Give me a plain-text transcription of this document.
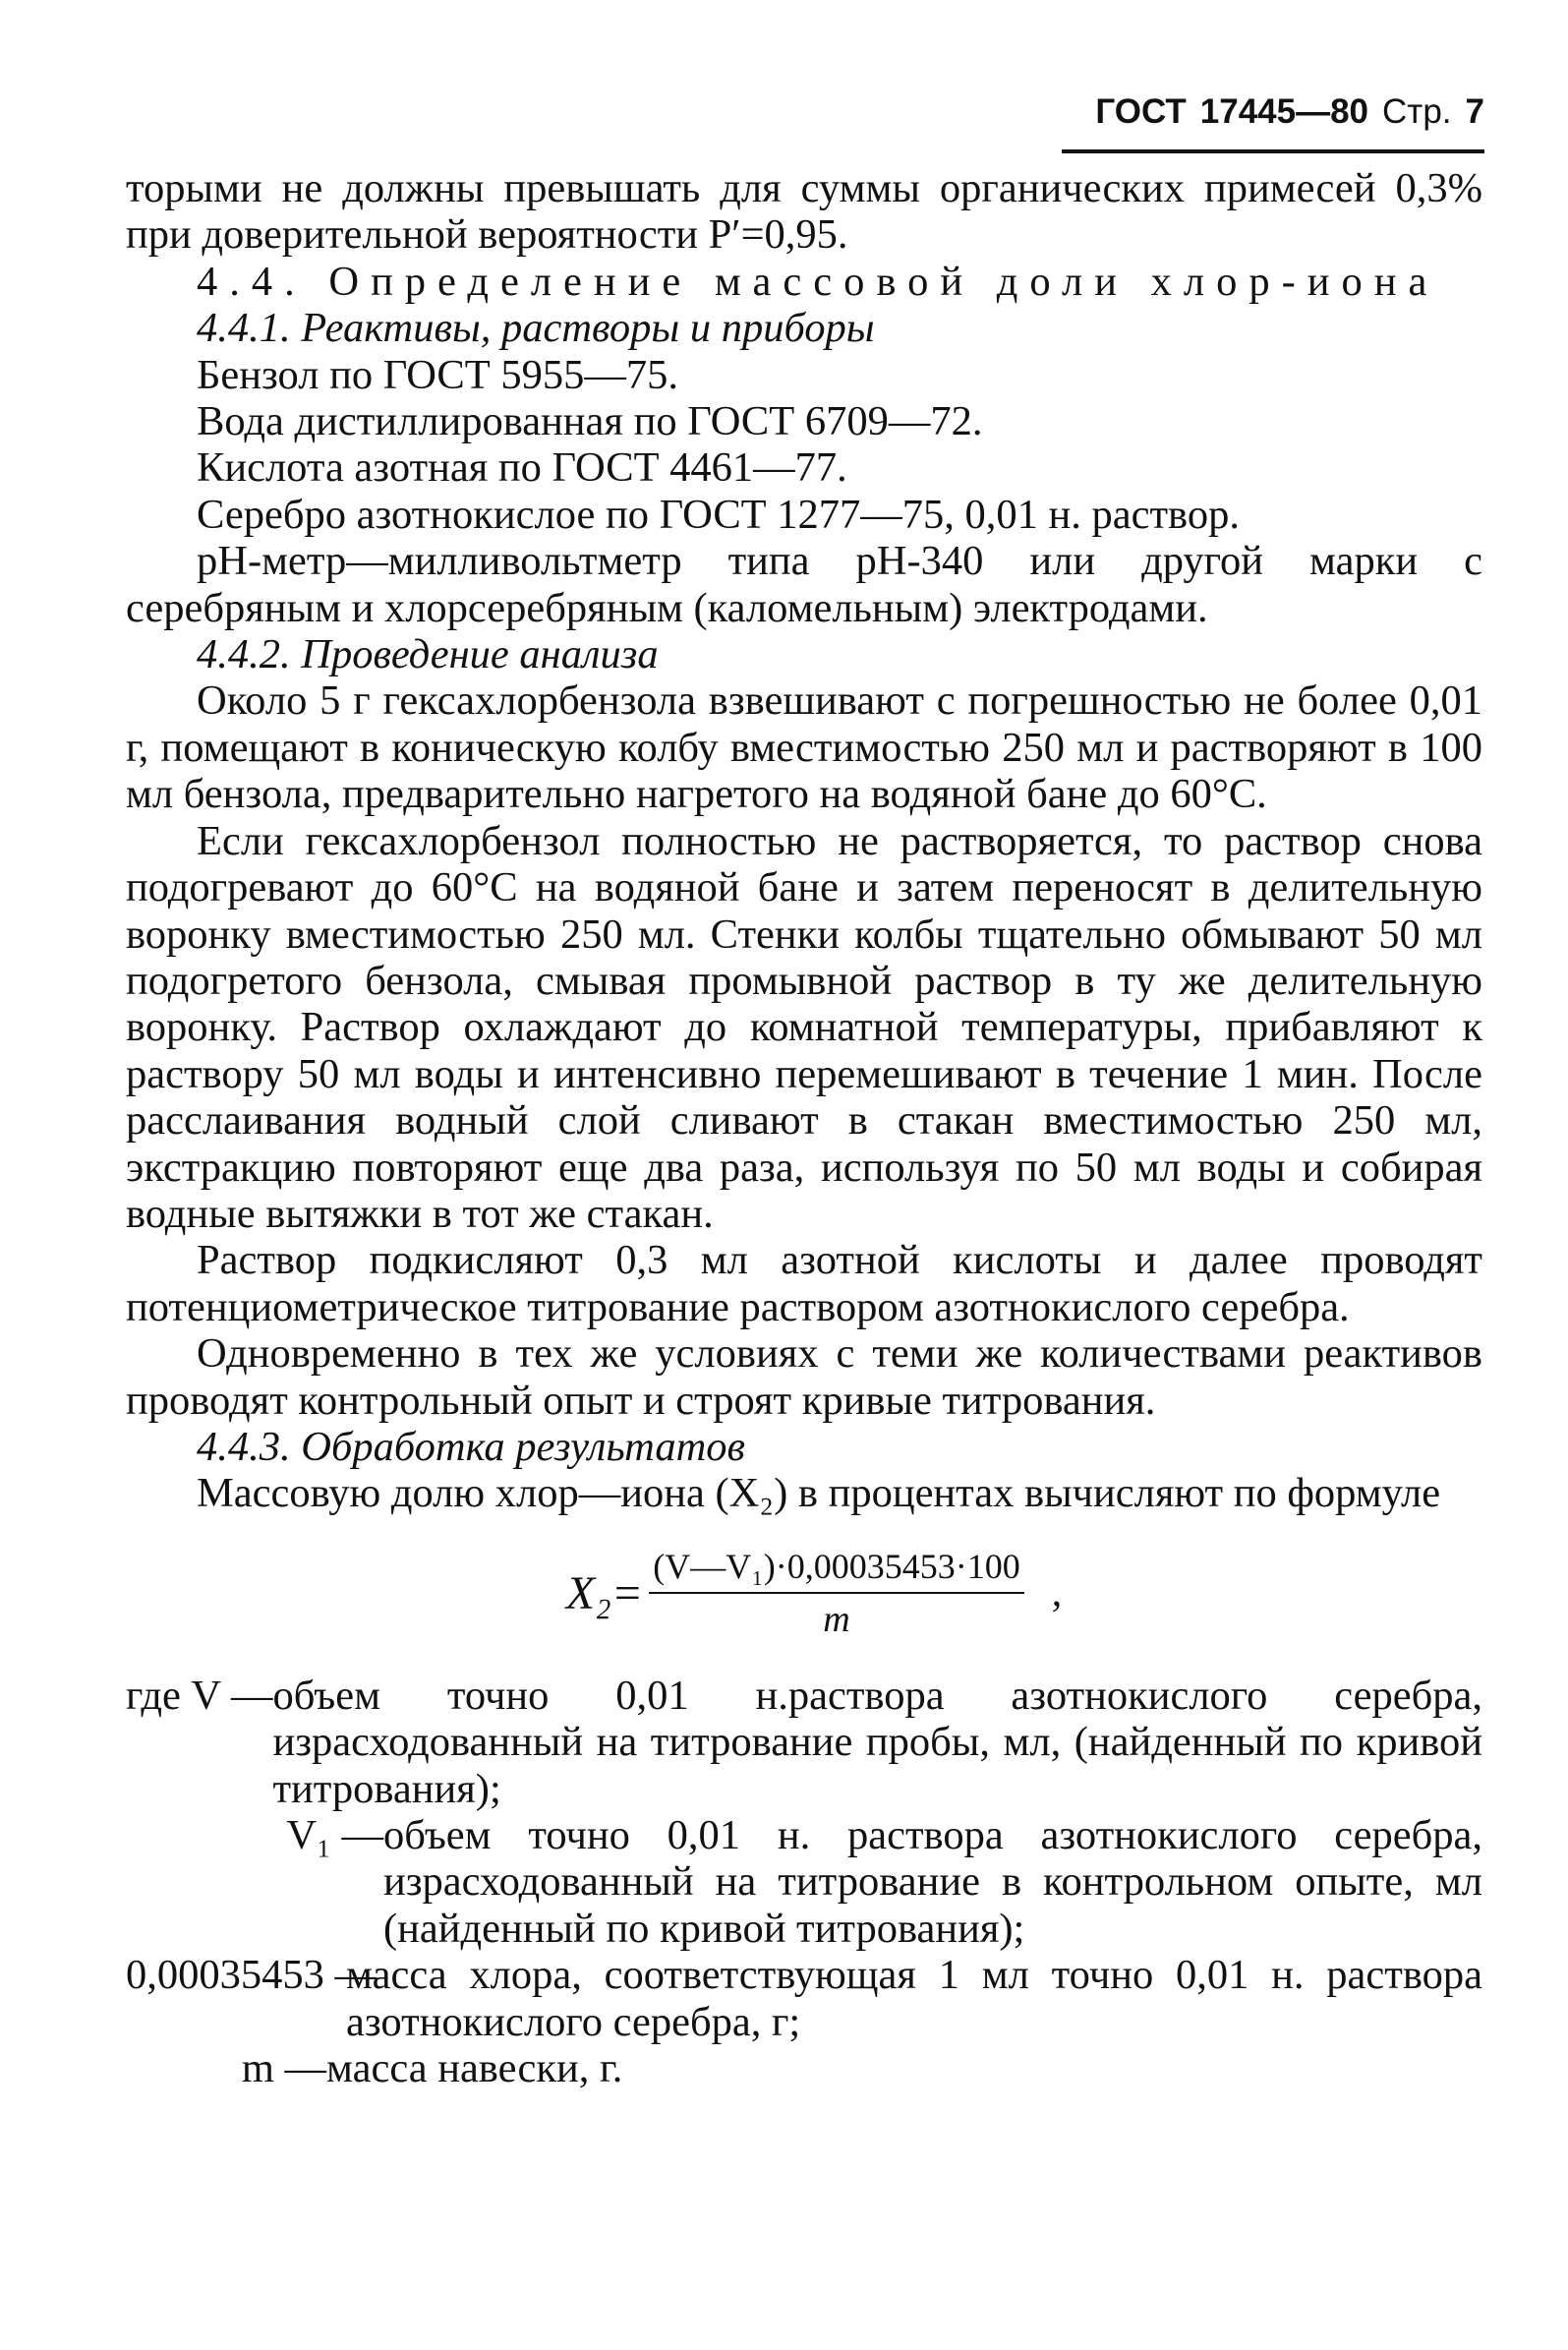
ГОСТ 17445—80 Стр. 7

торыми не должны превышать для суммы органических примесей 0,3% при доверительной вероятности P′=0,95.

4.4. Определение массовой доли хлор-иона

4.4.1. Реактивы, растворы и приборы

Бензол по ГОСТ 5955—75.

Вода дистиллированная по ГОСТ 6709—72.

Кислота азотная по ГОСТ 4461—77.

Серебро азотнокислое по ГОСТ 1277—75, 0,01 н. раствор.

pH-метр—милливольтметр типа pH-340 или другой марки с серебряным и хлорсеребряным (каломельным) электродами.

4.4.2. Проведение анализа

Около 5 г гексахлорбензола взвешивают с погрешностью не более 0,01 г, помещают в коническую колбу вместимостью 250 мл и растворяют в 100 мл бензола, предварительно нагретого на водяной бане до 60°С.

Если гексахлорбензол полностью не растворяется, то раствор снова подогревают до 60°С на водяной бане и затем переносят в делительную воронку вместимостью 250 мл. Стенки колбы тщательно обмывают 50 мл подогретого бензола, смывая промывной раствор в ту же делительную воронку. Раствор охлаждают до комнатной температуры, прибавляют к раствору 50 мл воды и интенсивно перемешивают в течение 1 мин. После расслаивания водный слой сливают в стакан вместимостью 250 мл, экстракцию повторяют еще два раза, используя по 50 мл воды и собирая водные вытяжки в тот же стакан.

Раствор подкисляют 0,3 мл азотной кислоты и далее проводят потенциометрическое титрование раствором азотнокислого серебра.

Одновременно в тех же условиях с теми же количествами реактивов проводят контрольный опыт и строят кривые титрования.

4.4.3. Обработка результатов

Массовую долю хлор—иона (X₂) в процентах вычисляют по формуле

$X_2= \frac{\text{(V—V₁)·0,00035453·100}}{m}$ ,
где V — объем точно 0,01 н.раствора азотнокислого серебра, израсходованный на титрование пробы, мл, (найденный по кривой титрования);
V₁ — объем точно 0,01 н. раствора азотнокислого серебра, израсходованный на титрование в контрольном опыте, мл (найденный по кривой титрования);
0,00035453 —
масса хлора, соответствующая 1 мл точно 0,01 н. раствора азотнокислого серебра, г;
m — масса навески, г.
